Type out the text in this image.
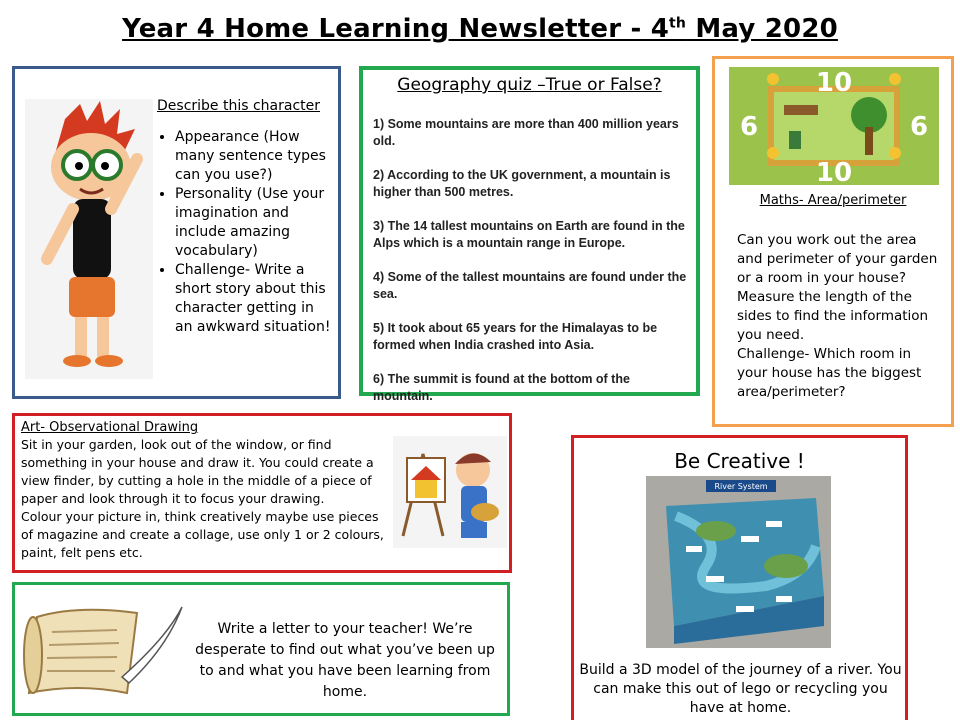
Year 4 Home Learning Newsletter - 4th May 2020
Describe this character
• Appearance (How many sentence types can you use?)
• Personality (Use your imagination and include amazing vocabulary)
• Challenge- Write a short story about this character getting in an awkward situation!
Geography quiz –True or False?
1) Some mountains are more than 400 million years old.
2) According to the UK government, a mountain is higher than 500 metres.
3) The 14 tallest mountains on Earth are found in the Alps which is a mountain range in Europe.
4) Some of the tallest mountains are found under the sea.
5) It took about 65 years for the Himalayas to be formed when India crashed into Asia.
6) The summit is found at the bottom of the mountain.
10
10
6	6
Maths- Area/perimeter
Can you work out the area and perimeter of your garden or a room in your house? Measure the length of the sides to find the information you need.
Challenge- Which room in your house has the biggest area/perimeter?
Art- Observational Drawing
Sit in your garden, look out of the window, or find something in your house and draw it. You could create a view finder, by cutting a hole in the middle of a piece of paper and look through it to focus your drawing.
Colour your picture in, think creatively maybe use pieces of magazine and create a collage, use only 1 or 2 colours, paint, felt pens etc.
Write a letter to your teacher! We’re desperate to find out what you’ve been up to and what you have been learning from home.
Be Creative !
River System
Build a 3D model of the journey of a river. You can make this out of lego or recycling you have at home.
